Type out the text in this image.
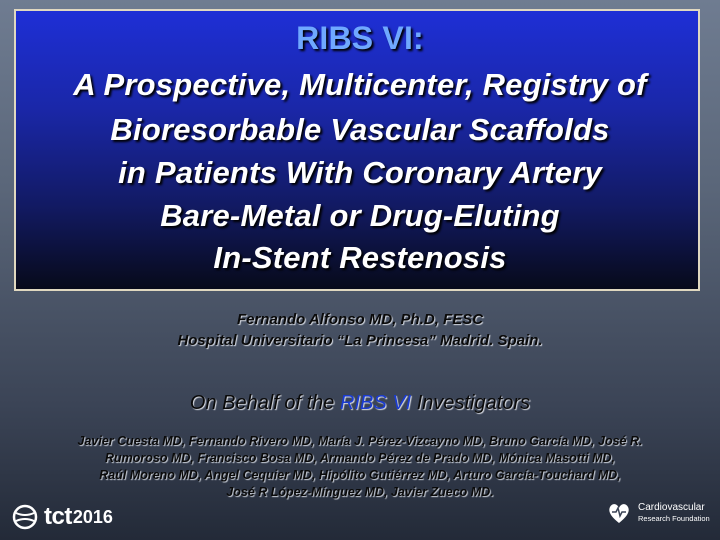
RIBS VI:
A Prospective, Multicenter, Registry of
Bioresorbable Vascular Scaffolds
in Patients With Coronary Artery
Bare-Metal or Drug-Eluting
In-Stent Restenosis
Fernando Alfonso MD, Ph.D, FESC
Hospital Universitario “La Princesa” Madrid. Spain.
On Behalf of the RIBS VI Investigators
Javier Cuesta MD, Fernando Rivero MD, María J. Pérez-Vizcayno MD, Bruno García MD, José R.
Rumoroso MD, Francisco Bosa MD, Armando Pérez de Prado MD, Mónica Masotti MD,
Raúl Moreno MD, Angel Cequier MD, Hipólito Gutiérrez MD, Arturo García-Touchard MD,
José R López-Mínguez MD, Javier Zueco MD.
tct 2016	Cardiovascular
Research Foundation
